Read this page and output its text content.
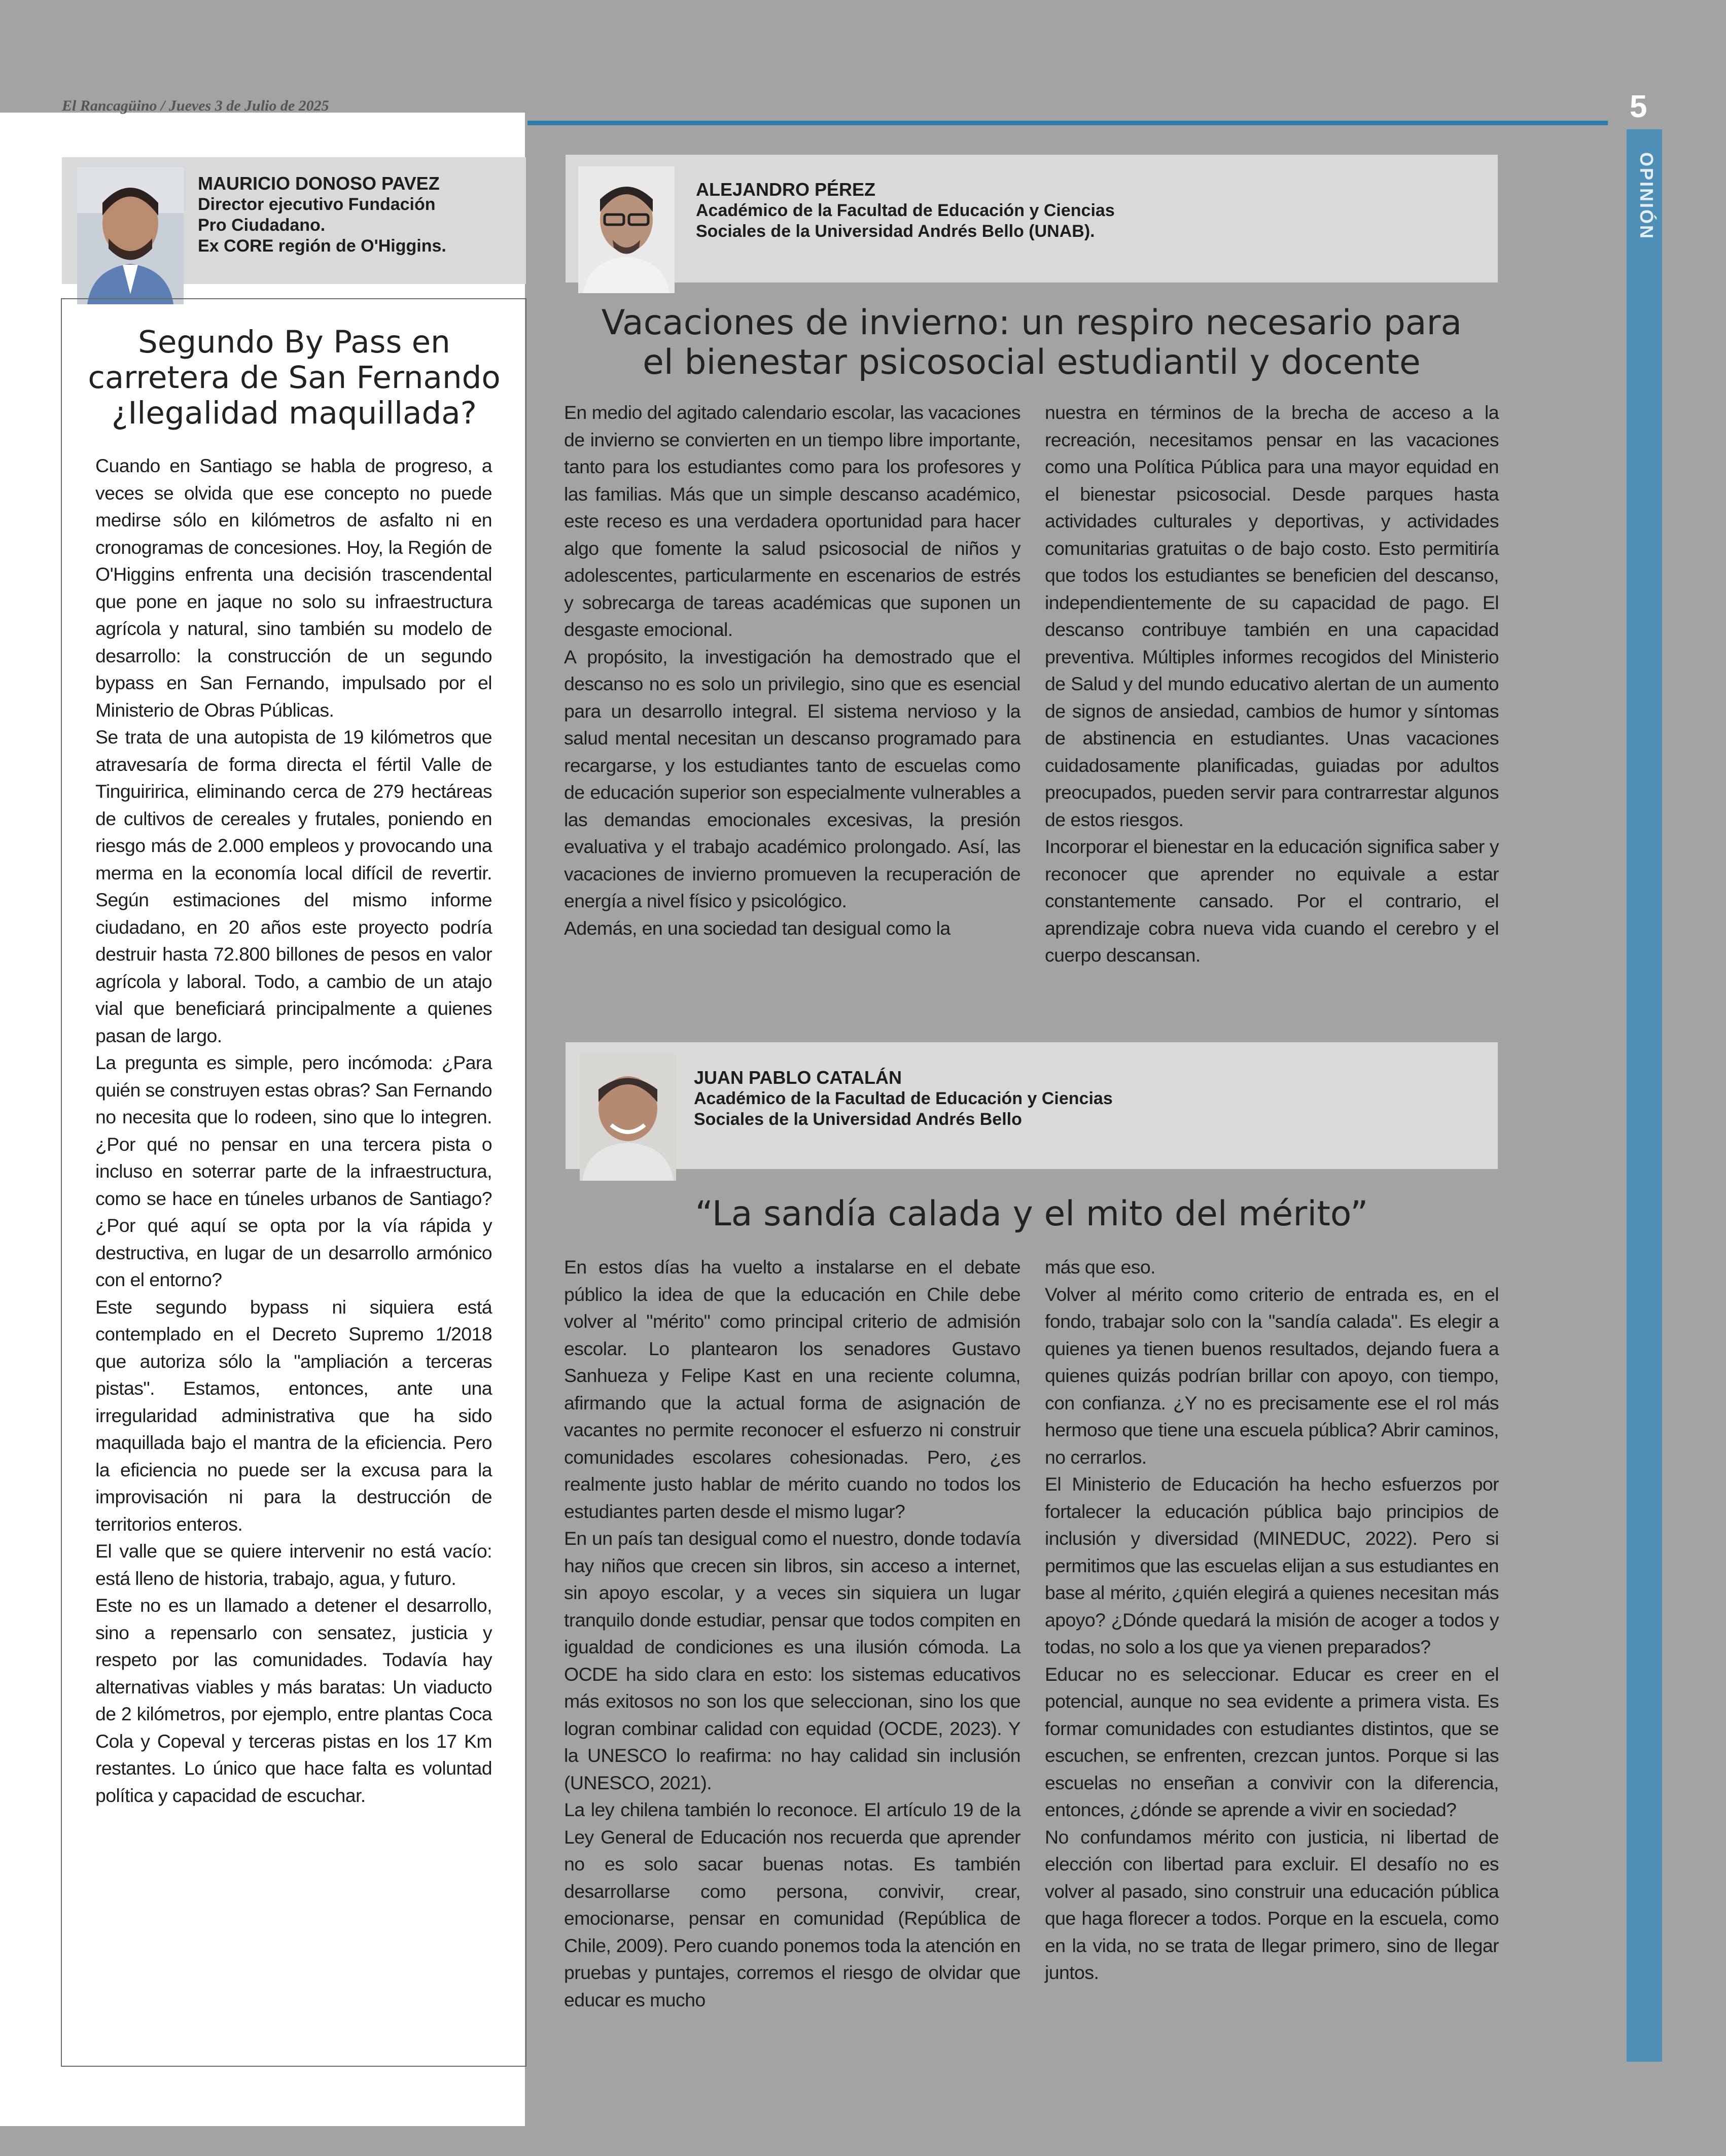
El Rancagüino / Jueves 3 de Julio de 2025	5
OPINIÓN
MAURICIO DONOSO PAVEZ
Director ejecutivo Fundación
Pro Ciudadano.
Ex CORE región de O'Higgins.
Segundo By Pass en
carretera de San Fernando
¿Ilegalidad maquillada?

Cuando en Santiago se habla de progreso, a veces se olvida que ese concepto no puede medirse sólo en kilómetros de asfalto ni en cronogramas de concesiones. Hoy, la Región de O'Higgins enfrenta una decisión trascendental que pone en jaque no solo su infraestructura agrícola y natural, sino también su modelo de desarrollo: la construcción de un segundo bypass en San Fernando, impulsado por el Ministerio de Obras Públicas.

Se trata de una autopista de 19 kilómetros que atravesaría de forma directa el fértil Valle de Tinguiririca, eliminando cerca de 279 hectáreas de cultivos de cereales y frutales, poniendo en riesgo más de 2.000 empleos y provocando una merma en la economía local difícil de revertir. Según estimaciones del mismo informe ciudadano, en 20 años este proyecto podría destruir hasta 72.800 billones de pesos en valor agrícola y laboral. Todo, a cambio de un atajo vial que beneficiará principalmente a quienes pasan de largo.

La pregunta es simple, pero incómoda: ¿Para quién se construyen estas obras? San Fernando no necesita que lo rodeen, sino que lo integren. ¿Por qué no pensar en una tercera pista o incluso en soterrar parte de la infraestructura, como se hace en túneles urbanos de Santiago? ¿Por qué aquí se opta por la vía rápida y destructiva, en lugar de un desarrollo armónico con el entorno?

Este segundo bypass ni siquiera está contemplado en el Decreto Supremo 1/2018 que autoriza sólo la "ampliación a terceras pistas". Estamos, entonces, ante una irregularidad administrativa que ha sido maquillada bajo el mantra de la eficiencia. Pero la eficiencia no puede ser la excusa para la improvisación ni para la destrucción de territorios enteros.

El valle que se quiere intervenir no está vacío: está lleno de historia, trabajo, agua, y futuro.

Este no es un llamado a detener el desarrollo, sino a repensarlo con sensatez, justicia y respeto por las comunidades. Todavía hay alternativas viables y más baratas: Un viaducto de 2 kilómetros, por ejemplo, entre plantas Coca Cola y Copeval y terceras pistas en los 17 Km restantes. Lo único que hace falta es voluntad política y capacidad de escuchar.

ALEJANDRO PÉREZ
Académico de la Facultad de Educación y Ciencias
Sociales de la Universidad Andrés Bello (UNAB).
Vacaciones de invierno: un respiro necesario para
el bienestar psicosocial estudiantil y docente

En medio del agitado calendario escolar, las vacaciones de invierno se convierten en un tiempo libre importante, tanto para los estudiantes como para los profesores y las familias. Más que un simple descanso académico, este receso es una verdadera oportunidad para hacer algo que fomente la salud psicosocial de niños y adolescentes, particularmente en escenarios de estrés y sobrecarga de tareas académicas que suponen un desgaste emocional.

A propósito, la investigación ha demostrado que el descanso no es solo un privilegio, sino que es esencial para un desarrollo integral. El sistema nervioso y la salud mental necesitan un descanso programado para recargarse, y los estudiantes tanto de escuelas como de educación superior son especialmente vulnerables a las demandas emocionales excesivas, la presión evaluativa y el trabajo académico prolongado. Así, las vacaciones de invierno promueven la recuperación de energía a nivel físico y psicológico.

Además, en una sociedad tan desigual como la

nuestra en términos de la brecha de acceso a la recreación, necesitamos pensar en las vacaciones como una Política Pública para una mayor equidad en el bienestar psicosocial. Desde parques hasta actividades culturales y deportivas, y actividades comunitarias gratuitas o de bajo costo. Esto permitiría que todos los estudiantes se beneficien del descanso, independientemente de su capacidad de pago. El descanso contribuye también en una capacidad preventiva. Múltiples informes recogidos del Ministerio de Salud y del mundo educativo alertan de un aumento de signos de ansiedad, cambios de humor y síntomas de abstinencia en estudiantes. Unas vacaciones cuidadosamente planificadas, guiadas por adultos preocupados, pueden servir para contrarrestar algunos de estos riesgos.

Incorporar el bienestar en la educación significa saber y reconocer que aprender no equivale a estar constantemente cansado. Por el contrario, el aprendizaje cobra nueva vida cuando el cerebro y el cuerpo descansan.

JUAN PABLO CATALÁN
Académico de la Facultad de Educación y Ciencias
Sociales de la Universidad Andrés Bello
“La sandía calada y el mito del mérito”

En estos días ha vuelto a instalarse en el debate público la idea de que la educación en Chile debe volver al "mérito" como principal criterio de admisión escolar. Lo plantearon los senadores Gustavo Sanhueza y Felipe Kast en una reciente columna, afirmando que la actual forma de asignación de vacantes no permite reconocer el esfuerzo ni construir comunidades escolares cohesionadas. Pero, ¿es realmente justo hablar de mérito cuando no todos los estudiantes parten desde el mismo lugar?

En un país tan desigual como el nuestro, donde todavía hay niños que crecen sin libros, sin acceso a internet, sin apoyo escolar, y a veces sin siquiera un lugar tranquilo donde estudiar, pensar que todos compiten en igualdad de condiciones es una ilusión cómoda. La OCDE ha sido clara en esto: los sistemas educativos más exitosos no son los que seleccionan, sino los que logran combinar calidad con equidad (OCDE, 2023). Y la UNESCO lo reafirma: no hay calidad sin inclusión (UNESCO, 2021).

La ley chilena también lo reconoce. El artículo 19 de la Ley General de Educación nos recuerda que aprender no es solo sacar buenas notas. Es también desarrollarse como persona, convivir, crear, emocionarse, pensar en comunidad (República de Chile, 2009). Pero cuando ponemos toda la atención en pruebas y puntajes, corremos el riesgo de olvidar que educar es mucho

más que eso.

Volver al mérito como criterio de entrada es, en el fondo, trabajar solo con la "sandía calada". Es elegir a quienes ya tienen buenos resultados, dejando fuera a quienes quizás podrían brillar con apoyo, con tiempo, con confianza. ¿Y no es precisamente ese el rol más hermoso que tiene una escuela pública? Abrir caminos, no cerrarlos.

El Ministerio de Educación ha hecho esfuerzos por fortalecer la educación pública bajo principios de inclusión y diversidad (MINEDUC, 2022). Pero si permitimos que las escuelas elijan a sus estudiantes en base al mérito, ¿quién elegirá a quienes necesitan más apoyo? ¿Dónde quedará la misión de acoger a todos y todas, no solo a los que ya vienen preparados?

Educar no es seleccionar. Educar es creer en el potencial, aunque no sea evidente a primera vista. Es formar comunidades con estudiantes distintos, que se escuchen, se enfrenten, crezcan juntos. Porque si las escuelas no enseñan a convivir con la diferencia, entonces, ¿dónde se aprende a vivir en sociedad?

No confundamos mérito con justicia, ni libertad de elección con libertad para excluir. El desafío no es volver al pasado, sino construir una educación pública que haga florecer a todos. Porque en la escuela, como en la vida, no se trata de llegar primero, sino de llegar juntos.
